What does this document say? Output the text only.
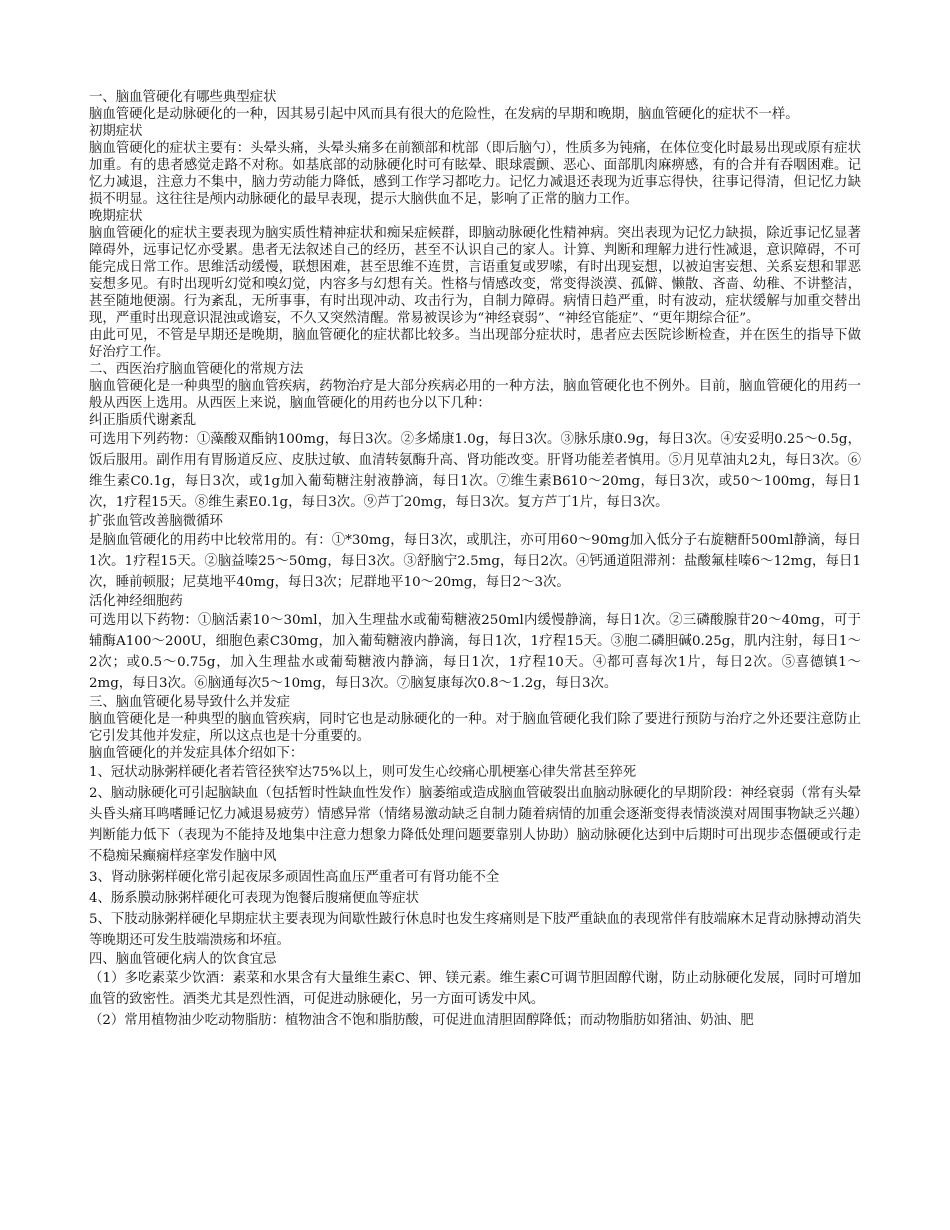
一、脑血管硬化有哪些典型症状

脑血管硬化是动脉硬化的一种，因其易引起中风而具有很大的危险性，在发病的早期和晚期，脑血管硬化的症状不一样。

初期症状

脑血管硬化的症状主要有：头晕头痛，头晕头痛多在前额部和枕部（即后脑勺），性质多为钝痛，在体位变化时最易出现或原有症状加重。有的患者感觉走路不对称。如基底部的动脉硬化时可有眩晕、眼球震颤、恶心、面部肌肉麻痹感，有的合并有吞咽困难。记忆力减退，注意力不集中，脑力劳动能力降低，感到工作学习都吃力。记忆力减退还表现为近事忘得快，往事记得清，但记忆力缺损不明显。这往往是颅内动脉硬化的最早表现，提示大脑供血不足，影响了正常的脑力工作。

晚期症状

脑血管硬化的症状主要表现为脑实质性精神症状和痴呆症候群，即脑动脉硬化性精神病。突出表现为记忆力缺损，除近事记忆显著障碍外，远事记忆亦受累。患者无法叙述自己的经历，甚至不认识自己的家人。计算、判断和理解力进行性减退，意识障碍，不可能完成日常工作。思维活动缓慢，联想困难，甚至思维不连贯，言语重复或罗嗦，有时出现妄想，以被迫害妄想、关系妄想和罪恶妄想多见。有时出现听幻觉和嗅幻觉，内容多与幻想有关。性格与情感改变，常变得淡漠、孤僻、懒散、吝啬、幼稚、不讲整洁，甚至随地便溺。行为紊乱，无所事事，有时出现冲动、攻击行为，自制力障碍。病情日趋严重，时有波动，症状缓解与加重交替出现，严重时出现意识混浊或谵妄，不久又突然清醒。常易被误诊为“神经衰弱”、“神经官能症”、“更年期综合征”。

由此可见，不管是早期还是晚期，脑血管硬化的症状都比较多。当出现部分症状时，患者应去医院诊断检查，并在医生的指导下做好治疗工作。

二、西医治疗脑血管硬化的常规方法

脑血管硬化是一种典型的脑血管疾病，药物治疗是大部分疾病必用的一种方法，脑血管硬化也不例外。目前，脑血管硬化的用药一般从西医上选用。从西医上来说，脑血管硬化的用药也分以下几种：

纠正脂质代谢紊乱

可选用下列药物：①藻酸双酯钠100mg，每日3次。②多烯康1.0g，每日3次。③脉乐康0.9g，每日3次。④安妥明0.25～0.5g，饭后服用。副作用有胃肠道反应、皮肤过敏、血清转氨酶升高、肾功能改变。肝肾功能差者慎用。⑤月见草油丸2丸，每日3次。⑥维生素C0.1g，每日3次，或1g加入葡萄糖注射液静滴，每日1次。⑦维生素B610～20mg，每日3次，或50～100mg，每日1次，1疗程15天。⑧维生素E0.1g，每日3次。⑨芦丁20mg，每日3次。复方芦丁1片，每日3次。

扩张血管改善脑微循环

是脑血管硬化的用药中比较常用的。有：①*30mg，每日3次，或肌注，亦可用60～90mg加入低分子右旋糖酐500ml静滴，每日1次。1疗程15天。②脑益嗪25～50mg，每日3次。③舒脑宁2.5mg，每日2次。④钙通道阻滞剂：盐酸氟桂嗪6～12mg，每日1次，睡前顿服；尼莫地平40mg，每日3次；尼群地平10～20mg，每日2～3次。

活化神经细胞药

可选用以下药物：①脑活素10～30ml，加入生理盐水或葡萄糖液250ml内缓慢静滴，每日1次。②三磷酸腺苷20～40mg，可于辅酶A100～200U，细胞色素C30mg，加入葡萄糖液内静滴，每日1次，1疗程15天。③胞二磷胆碱0.25g，肌内注射，每日1～2次；或0.5～0.75g，加入生理盐水或葡萄糖液内静滴，每日1次，1疗程10天。④都可喜每次1片，每日2次。⑤喜德镇1～2mg，每日3次。⑥脑通每次5～10mg，每日3次。⑦脑复康每次0.8～1.2g，每日3次。

三、脑血管硬化易导致什么并发症

脑血管硬化是一种典型的脑血管疾病，同时它也是动脉硬化的一种。对于脑血管硬化我们除了要进行预防与治疗之外还要注意防止它引发其他并发症，所以这点也是十分重要的。

脑血管硬化的并发症具体介绍如下：

1、冠状动脉粥样硬化者若管径狭窄达75%以上，则可发生心绞痛心肌梗塞心律失常甚至猝死

2、脑动脉硬化可引起脑缺血（包括暂时性缺血性发作）脑萎缩或造成脑血管破裂出血脑动脉硬化的早期阶段：神经衰弱（常有头晕头昏头痛耳鸣嗜睡记忆力减退易疲劳）情感异常（情绪易激动缺乏自制力随着病情的加重会逐渐变得表情淡漠对周围事物缺乏兴趣）判断能力低下（表现为不能持及地集中注意力想象力降低处理问题要靠别人协助）脑动脉硬化达到中后期时可出现步态僵硬或行走不稳痴呆癫痫样痉挛发作脑中风

3、肾动脉粥样硬化常引起夜尿多顽固性高血压严重者可有肾功能不全

4、肠系膜动脉粥样硬化可表现为饱餐后腹痛便血等症状

5、下肢动脉粥样硬化早期症状主要表现为间歇性跛行休息时也发生疼痛则是下肢严重缺血的表现常伴有肢端麻木足背动脉搏动消失等晚期还可发生肢端溃疡和坏疽。

四、脑血管硬化病人的饮食宜忌

（1）多吃素菜少饮酒：素菜和水果含有大量维生素C、钾、镁元素。维生素C可调节胆固醇代谢，防止动脉硬化发展，同时可增加血管的致密性。酒类尤其是烈性酒，可促进动脉硬化，另一方面可诱发中风。

（2）常用植物油少吃动物脂肪：植物油含不饱和脂肪酸，可促进血清胆固醇降低；而动物脂肪如猪油、奶油、肥
